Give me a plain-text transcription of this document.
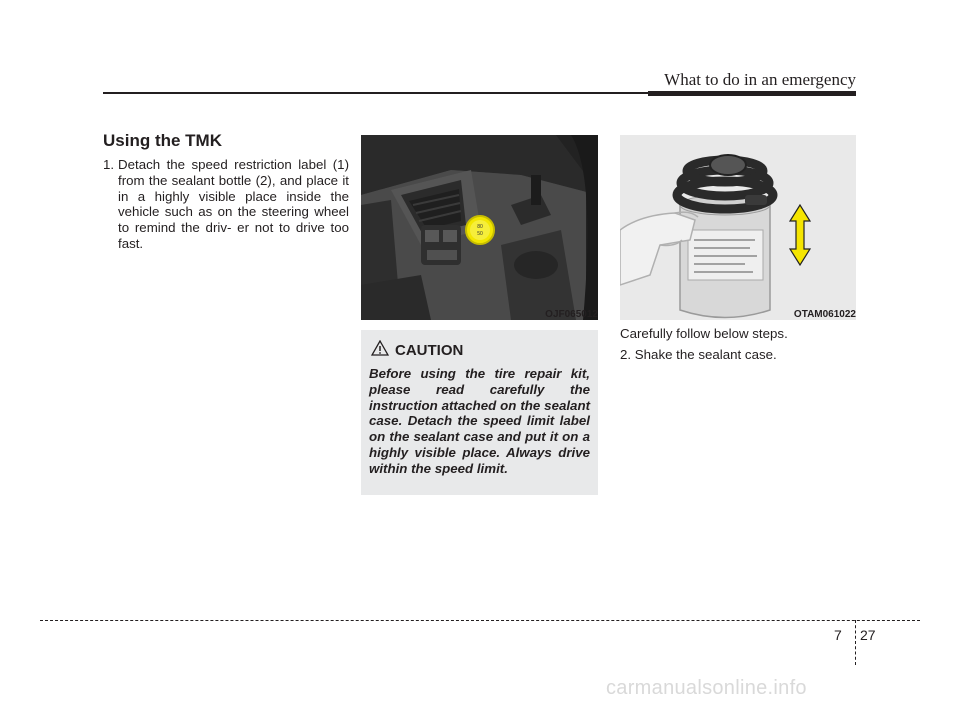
What to do in an emergency
Using the TMK
1. Detach the speed restriction label (1) from the sealant bottle (2), and place it in a highly visible place inside the vehicle such as on the steering wheel to remind the driv- er not to drive too fast.
80
50
OJF065012	OTAM061022
CAUTION
Before using the tire repair kit, please read carefully the instruction attached on the sealant case. Detach the speed limit label on the sealant case and put it on a highly visible place. Always drive within the speed limit.
Carefully follow below steps.
2. Shake the sealant case.
7 27
carmanualsonline.info
